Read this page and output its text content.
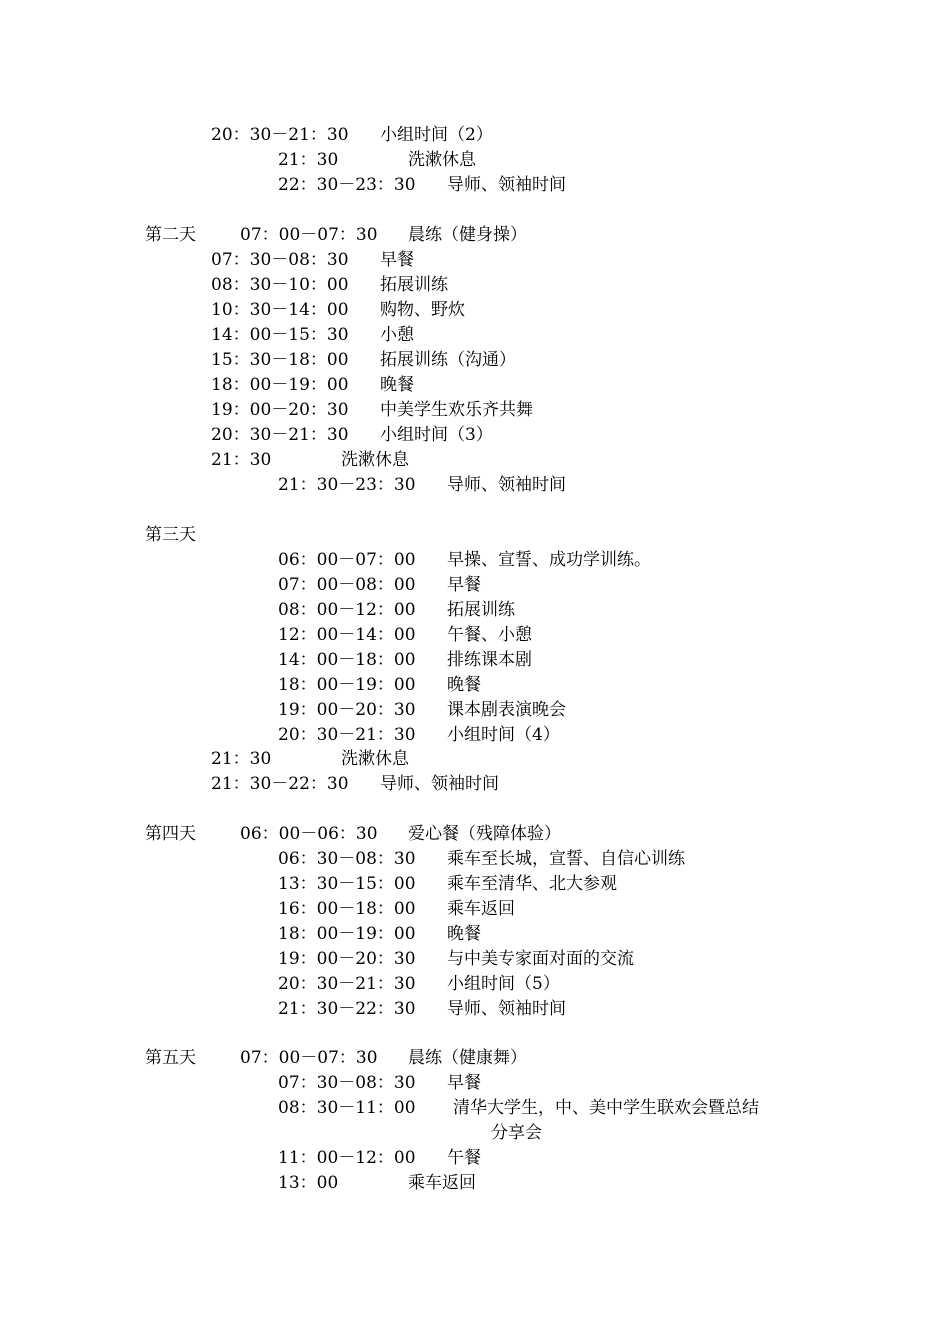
20：30－21：30 小组时间（2）
21：30	洗漱休息
22：30－23：30 导师、领袖时间
第二天	07：00－07：30 晨练（健身操）
07：30－08：30 早餐
08：30－10：00 拓展训练
10：30－14：00 购物、野炊
14：00－15：30 小憩
15：30－18：00 拓展训练（沟通）
18：00－19：00 晚餐
19：00－20：30 中美学生欢乐齐共舞
20：30－21：30 小组时间（3）
21：30	洗漱休息
21：30－23：30 导师、领袖时间
第三天
06：00－07：00 早操、宣誓、成功学训练。
07：00－08：00 早餐
08：00－12：00 拓展训练
12：00－14：00 午餐、小憩
14：00－18：00 排练课本剧
18：00－19：00 晚餐
19：00－20：30 课本剧表演晚会
20：30－21：30 小组时间（4）
21：30	洗漱休息
21：30－22：30 导师、领袖时间
第四天	06：00－06：30 爱心餐（残障体验）
06：30－08：30 乘车至长城，宣誓、自信心训练
13：30－15：00 乘车至清华、北大参观
16：00－18：00 乘车返回
18：00－19：00 晚餐
19：00－20：30 与中美专家面对面的交流
20：30－21：30 小组时间（5）
21：30－22：30 导师、领袖时间
第五天	07：00－07：30 晨练（健康舞）
07：30－08：30 早餐
08：30－11：00 清华大学生，中、美中学生联欢会暨总结
分享会
11：00－12：00 午餐
13：00	乘车返回
